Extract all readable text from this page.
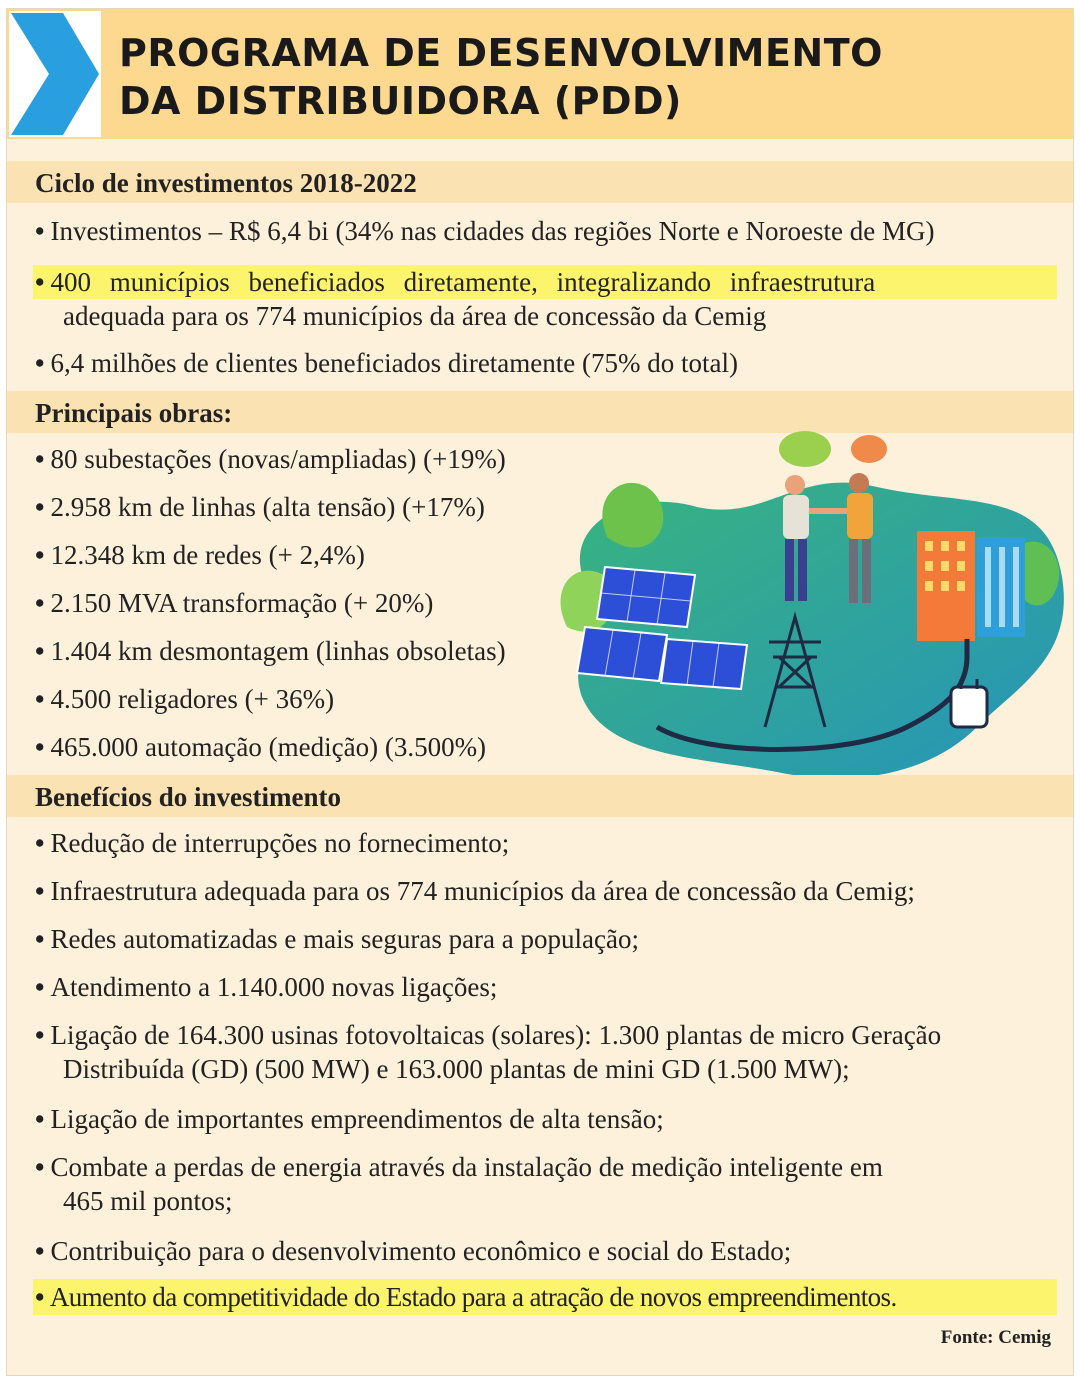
PROGRAMA DE DESENVOLVIMENTO
DA DISTRIBUIDORA (PDD)
Ciclo de investimentos 2018-2022
• Investimentos – R$ 6,4 bi (34% nas cidades das regiões Norte e Noroeste de MG)
• 400 municípios beneficiados diretamente, integralizando infraestrutura
adequada para os 774 municípios da área de concessão da Cemig
• 6,4 milhões de clientes beneficiados diretamente (75% do total)
Principais obras:
• 80 subestações (novas/ampliadas) (+19%)
• 2.958 km de linhas (alta tensão) (+17%)
• 12.348 km de redes (+ 2,4%)
• 2.150 MVA transformação (+ 20%)
• 1.404 km desmontagem (linhas obsoletas)
• 4.500 religadores (+ 36%)
• 465.000 automação (medição) (3.500%)
Benefícios do investimento
• Redução de interrupções no fornecimento;
• Infraestrutura adequada para os 774 municípios da área de concessão da Cemig;
• Redes automatizadas e mais seguras para a população;
• Atendimento a 1.140.000 novas ligações;
• Ligação de 164.300 usinas fotovoltaicas (solares): 1.300 plantas de micro Geração
Distribuída (GD) (500 MW) e 163.000 plantas de mini GD (1.500 MW);
• Ligação de importantes empreendimentos de alta tensão;
• Combate a perdas de energia através da instalação de medição inteligente em
465 mil pontos;
• Contribuição para o desenvolvimento econômico e social do Estado;
• Aumento da competitividade do Estado para a atração de novos empreendimentos.
Fonte: Cemig
